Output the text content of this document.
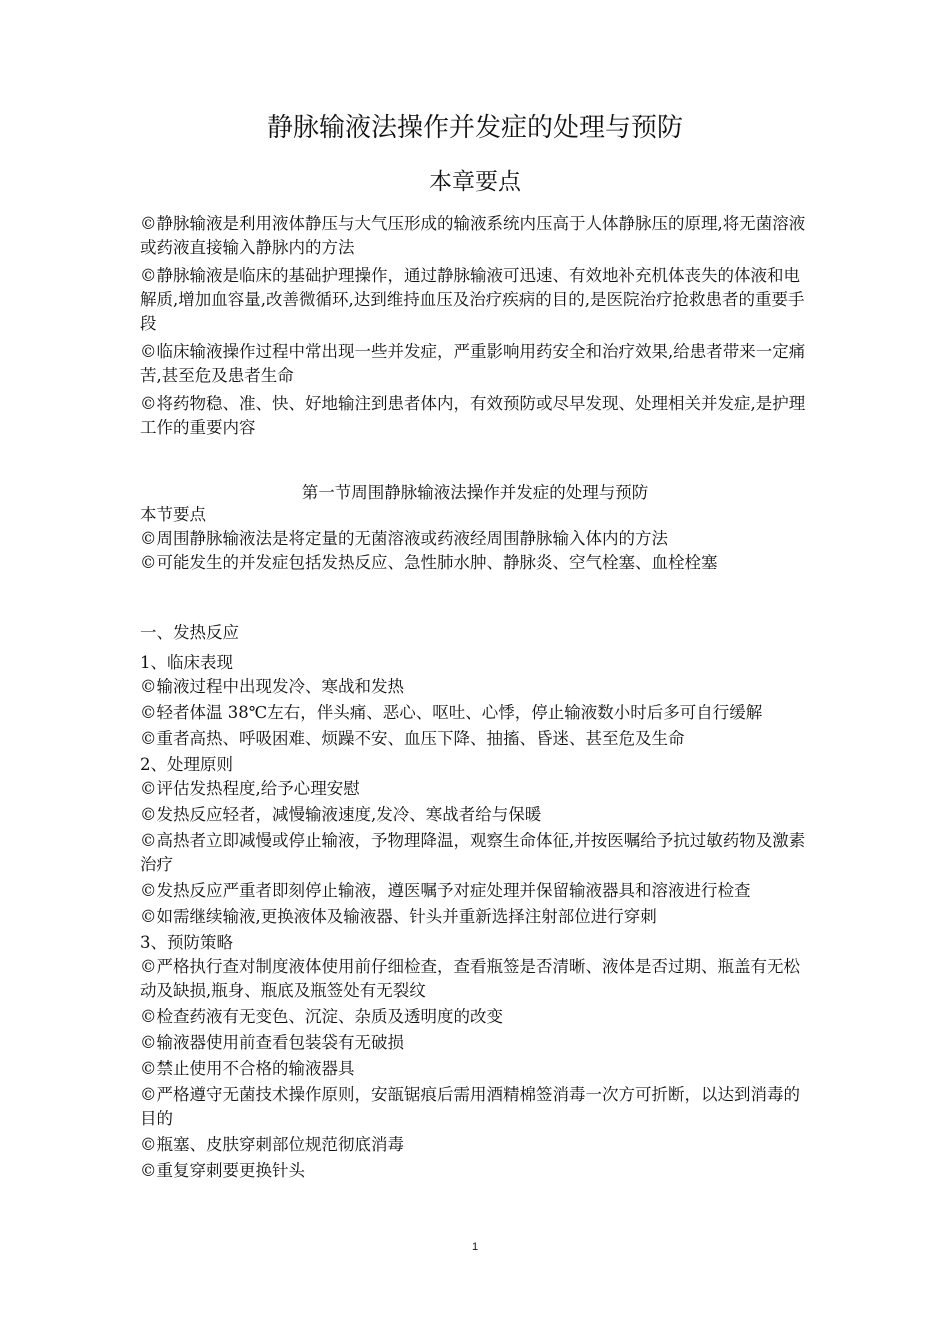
静脉输液法操作并发症的处理与预防
本章要点

©静脉输液是利用液体静压与大气压形成的输液系统内压高于人体静脉压的原理,将无菌溶液或药液直接输入静脉内的方法

©静脉输液是临床的基础护理操作，通过静脉输液可迅速、有效地补充机体丧失的体液和电解质,增加血容量,改善微循环,达到维持血压及治疗疾病的目的,是医院治疗抢救患者的重要手段

©临床输液操作过程中常出现一些并发症，严重影响用药安全和治疗效果,给患者带来一定痛苦,甚至危及患者生命

©将药物稳、准、快、好地输注到患者体内，有效预防或尽早发现、处理相关并发症,是护理工作的重要内容

第一节周围静脉输液法操作并发症的处理与预防

本节要点

©周围静脉输液法是将定量的无菌溶液或药液经周围静脉输入体内的方法

©可能发生的并发症包括发热反应、急性肺水肿、静脉炎、空气栓塞、血栓栓塞

一、发热反应

1、临床表现

©输液过程中出现发冷、寒战和发热

©轻者体温 38℃左右，伴头痛、恶心、呕吐、心悸，停止输液数小时后多可自行缓解

©重者高热、呼吸困难、烦躁不安、血压下降、抽搐、昏迷、甚至危及生命

2、处理原则

©评估发热程度,给予心理安慰

©发热反应轻者，减慢输液速度,发冷、寒战者给与保暖

©高热者立即减慢或停止输液，予物理降温，观察生命体征,并按医嘱给予抗过敏药物及激素治疗

©发热反应严重者即刻停止输液，遵医嘱予对症处理并保留输液器具和溶液进行检查

©如需继续输液,更换液体及输液器、针头并重新选择注射部位进行穿刺

3、预防策略

©严格执行查对制度液体使用前仔细检查，查看瓶签是否清晰、液体是否过期、瓶盖有无松动及缺损,瓶身、瓶底及瓶签处有无裂纹

©检查药液有无变色、沉淀、杂质及透明度的改变

©输液器使用前查看包装袋有无破损

©禁止使用不合格的输液器具

©严格遵守无菌技术操作原则，安瓿锯痕后需用酒精棉签消毒一次方可折断，以达到消毒的目的

©瓶塞、皮肤穿刺部位规范彻底消毒

©重复穿刺要更换针头

1
